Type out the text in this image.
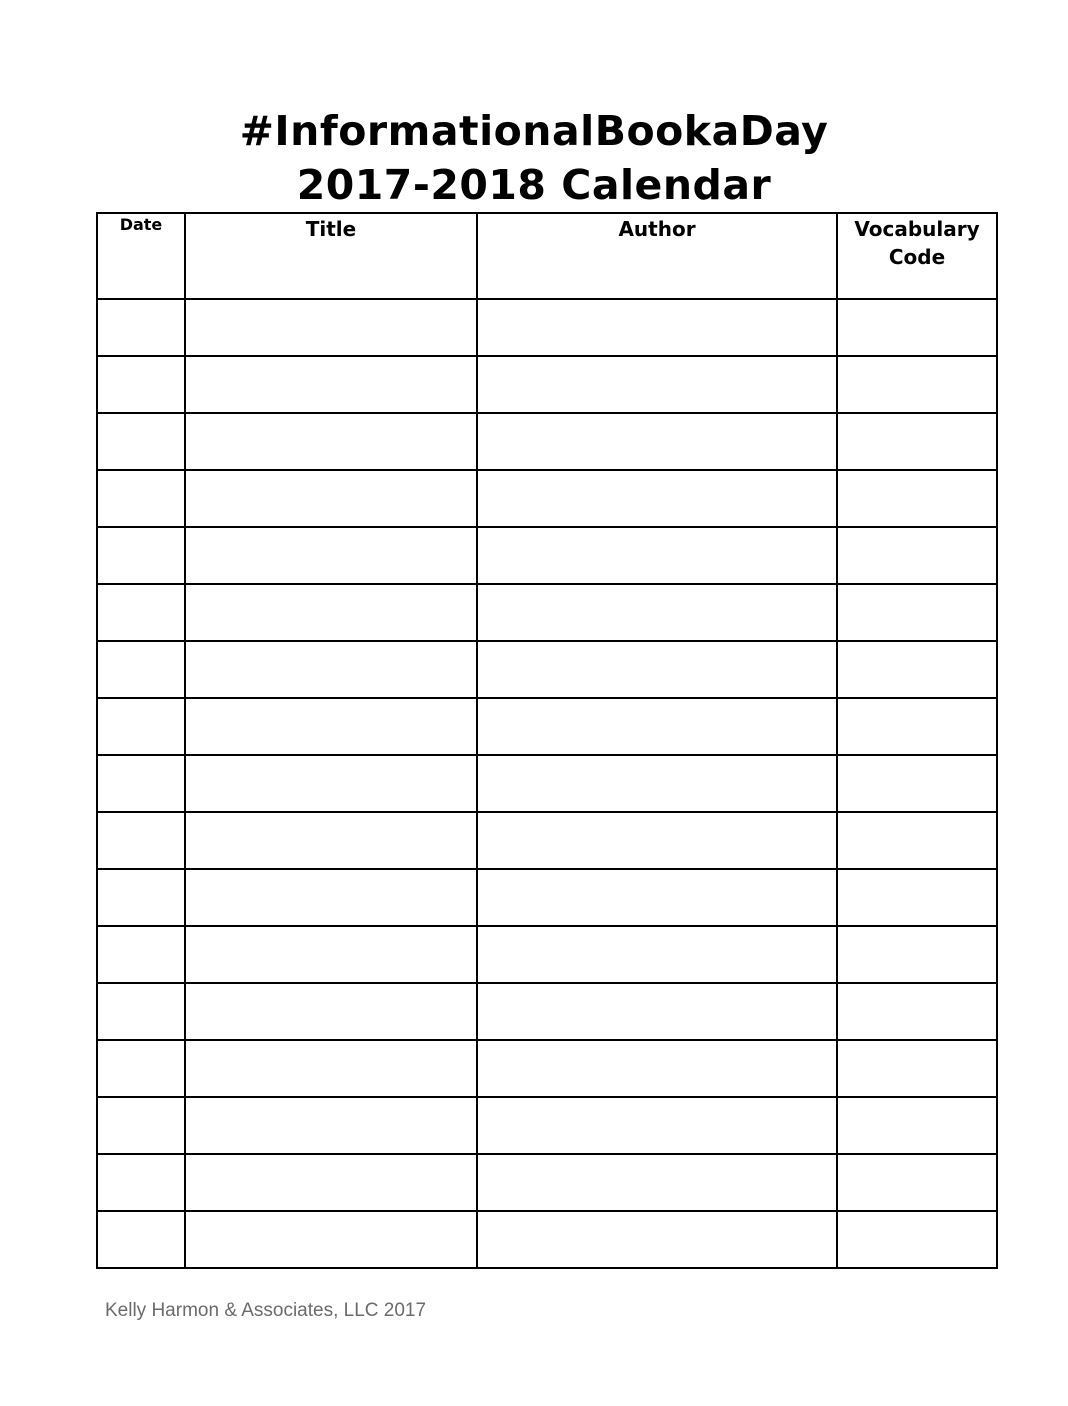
#InformationalBookaDay
2017-2018 Calendar
Date	Title	Author	Vocabulary Code

Kelly Harmon & Associates, LLC 2017
